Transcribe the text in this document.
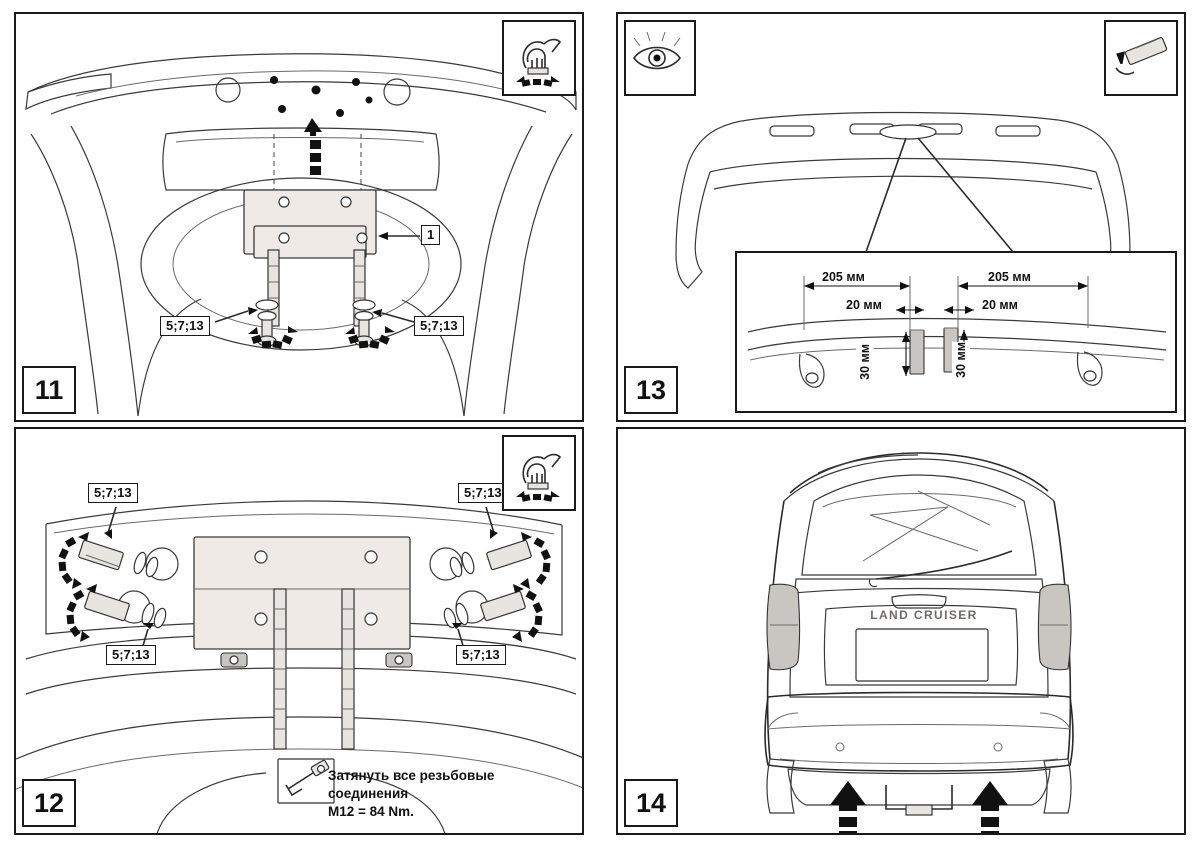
1
5;7;13	5;7;13
11
5;7;13	5;7;13
5;7;13	5;7;13
Затянуть все резьбовые соединения
M12 = 84 Nm.
12
205 мм	205 мм
20 мм	20 мм
30 мм	30 мм
13
LAND CRUISER
14
